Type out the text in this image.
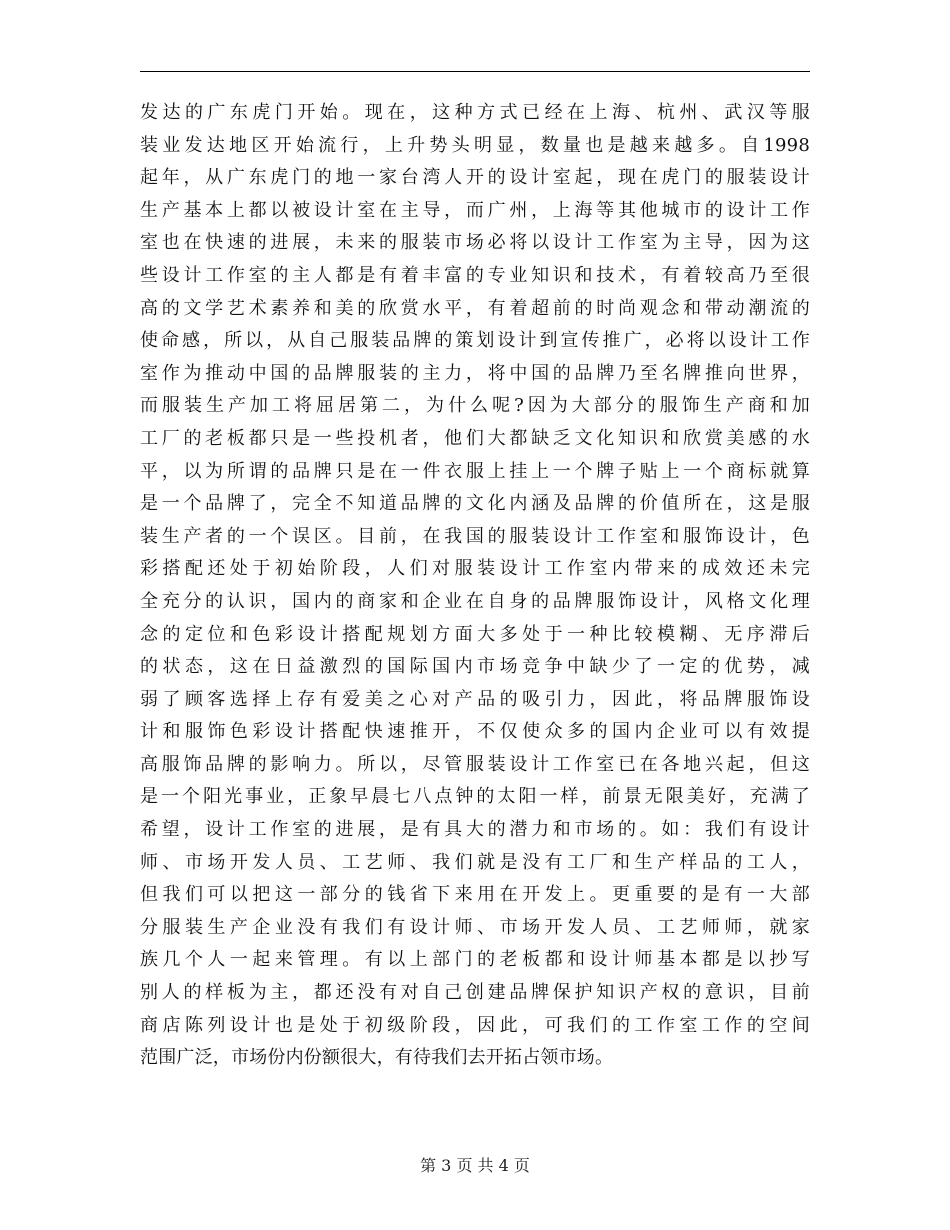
发达的广东虎门开始。现在，这种方式已经在上海、杭州、武汉等服
装业发达地区开始流行，上升势头明显，数量也是越来越多。自1998
起年，从广东虎门的地一家台湾人开的设计室起，现在虎门的服装设计
生产基本上都以被设计室在主导，而广州，上海等其他城市的设计工作
室也在快速的进展，未来的服装市场必将以设计工作室为主导，因为这
些设计工作室的主人都是有着丰富的专业知识和技术，有着较高乃至很
高的文学艺术素养和美的欣赏水平，有着超前的时尚观念和带动潮流的
使命感，所以，从自己服装品牌的策划设计到宣传推广，必将以设计工作
室作为推动中国的品牌服装的主力，将中国的品牌乃至名牌推向世界，
而服装生产加工将屈居第二，为什么呢?因为大部分的服饰生产商和加
工厂的老板都只是一些投机者，他们大都缺乏文化知识和欣赏美感的水
平，以为所谓的品牌只是在一件衣服上挂上一个牌子贴上一个商标就算
是一个品牌了，完全不知道品牌的文化内涵及品牌的价值所在，这是服
装生产者的一个误区。目前，在我国的服装设计工作室和服饰设计，色
彩搭配还处于初始阶段，人们对服装设计工作室内带来的成效还未完
全充分的认识，国内的商家和企业在自身的品牌服饰设计，风格文化理
念的定位和色彩设计搭配规划方面大多处于一种比较模糊、无序滞后
的状态，这在日益激烈的国际国内市场竞争中缺少了一定的优势，减
弱了顾客选择上存有爱美之心对产品的吸引力，因此，将品牌服饰设
计和服饰色彩设计搭配快速推开，不仅使众多的国内企业可以有效提
高服饰品牌的影响力。所以，尽管服装设计工作室已在各地兴起，但这
是一个阳光事业，正象早晨七八点钟的太阳一样，前景无限美好，充满了
希望，设计工作室的进展，是有具大的潜力和市场的。如：我们有设计
师、市场开发人员、工艺师、我们就是没有工厂和生产样品的工人，
但我们可以把这一部分的钱省下来用在开发上。更重要的是有一大部
分服装生产企业没有我们有设计师、市场开发人员、工艺师师，就家
族几个人一起来管理。有以上部门的老板都和设计师基本都是以抄写
别人的样板为主，都还没有对自己创建品牌保护知识产权的意识，目前
商店陈列设计也是处于初级阶段，因此，可我们的工作室工作的空间
范围广泛，市场份内份额很大，有待我们去开拓占领市场。
第 3 页 共 4 页
